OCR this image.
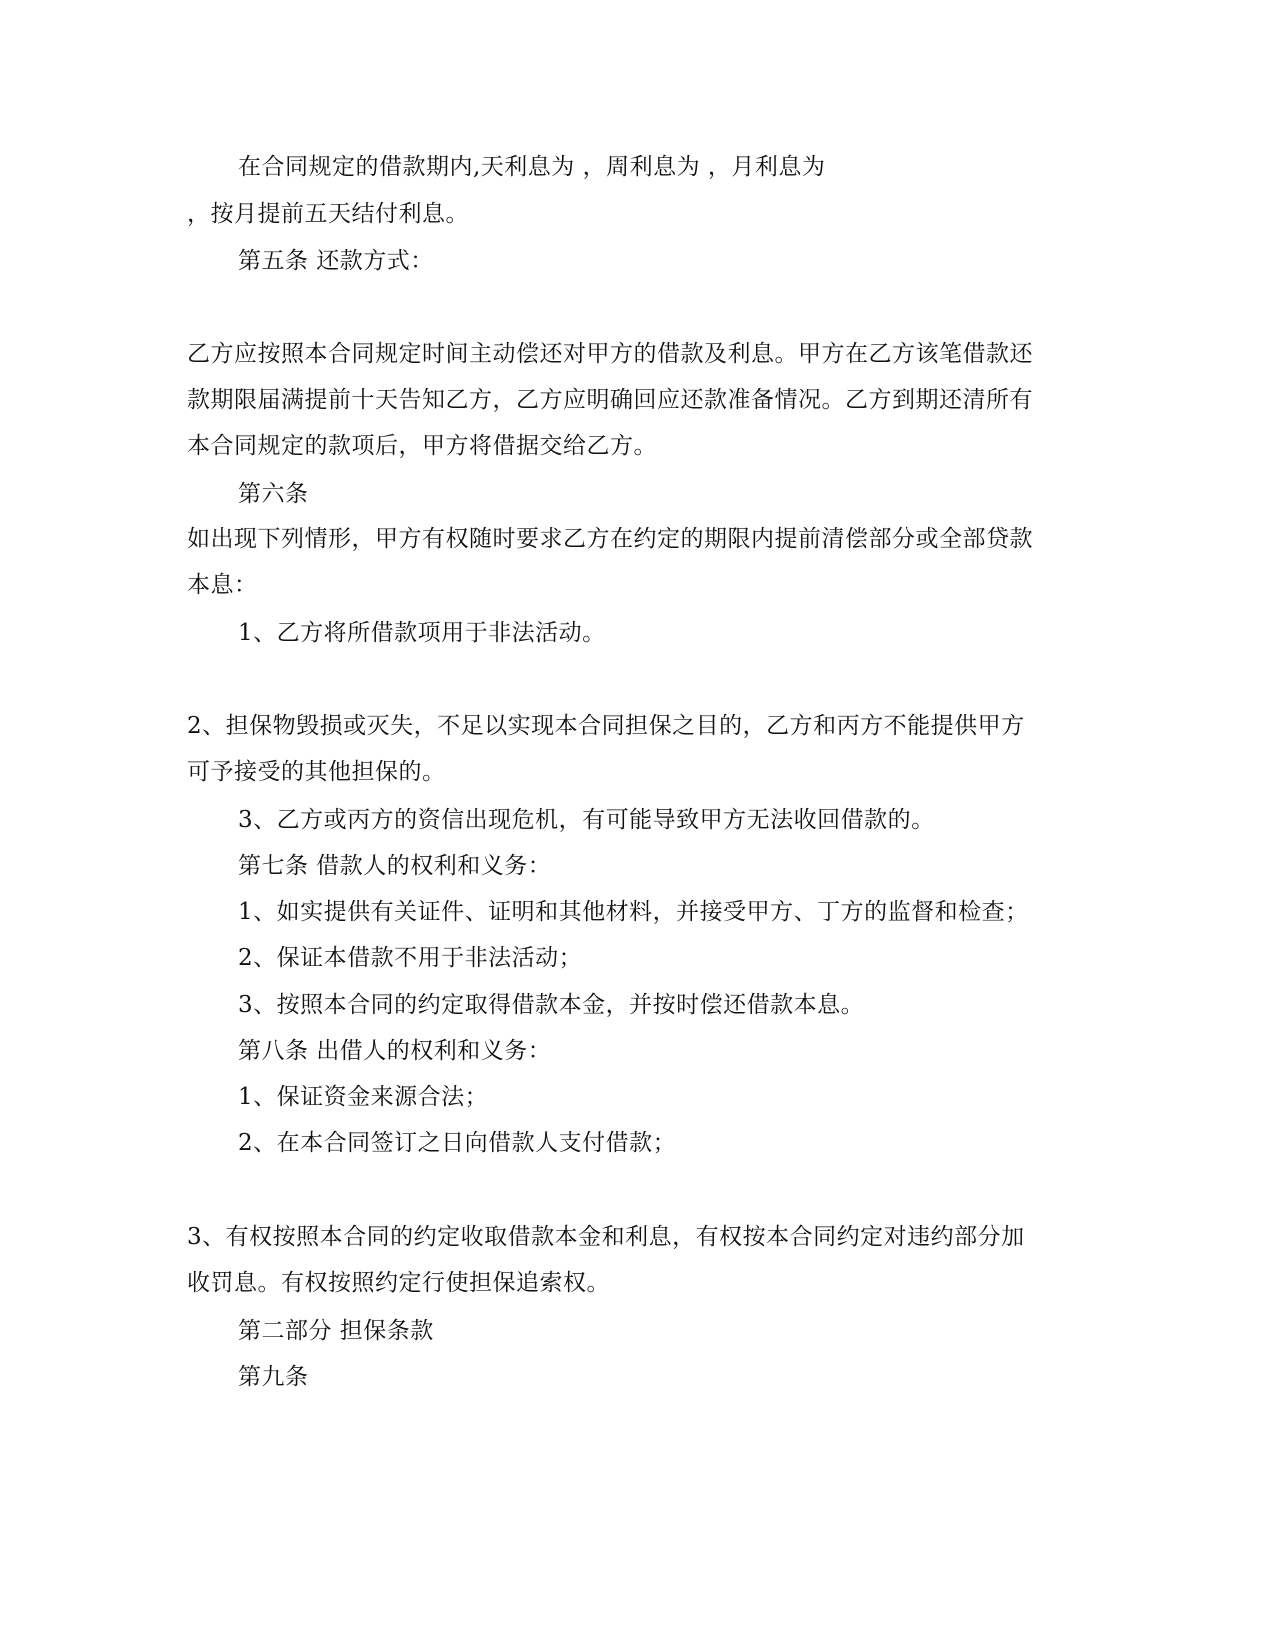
在合同规定的借款期内,天利息为 ，周利息为 ，月利息为

，按月提前五天结付利息。

第五条 还款方式：

乙方应按照本合同规定时间主动偿还对甲方的借款及利息。甲方在乙方该笔借款还

款期限届满提前十天告知乙方，乙方应明确回应还款准备情况。乙方到期还清所有

本合同规定的款项后，甲方将借据交给乙方。

第六条

如出现下列情形，甲方有权随时要求乙方在约定的期限内提前清偿部分或全部贷款

本息：

1、乙方将所借款项用于非法活动。

2、担保物毁损或灭失，不足以实现本合同担保之目的，乙方和丙方不能提供甲方

可予接受的其他担保的。

3、乙方或丙方的资信出现危机，有可能导致甲方无法收回借款的。

第七条 借款人的权利和义务：

1、如实提供有关证件、证明和其他材料，并接受甲方、丁方的监督和检查；

2、保证本借款不用于非法活动；

3、按照本合同的约定取得借款本金，并按时偿还借款本息。

第八条 出借人的权利和义务：

1、保证资金来源合法；

2、在本合同签订之日向借款人支付借款；

3、有权按照本合同的约定收取借款本金和利息，有权按本合同约定对违约部分加

收罚息。有权按照约定行使担保追索权。

第二部分 担保条款

第九条
